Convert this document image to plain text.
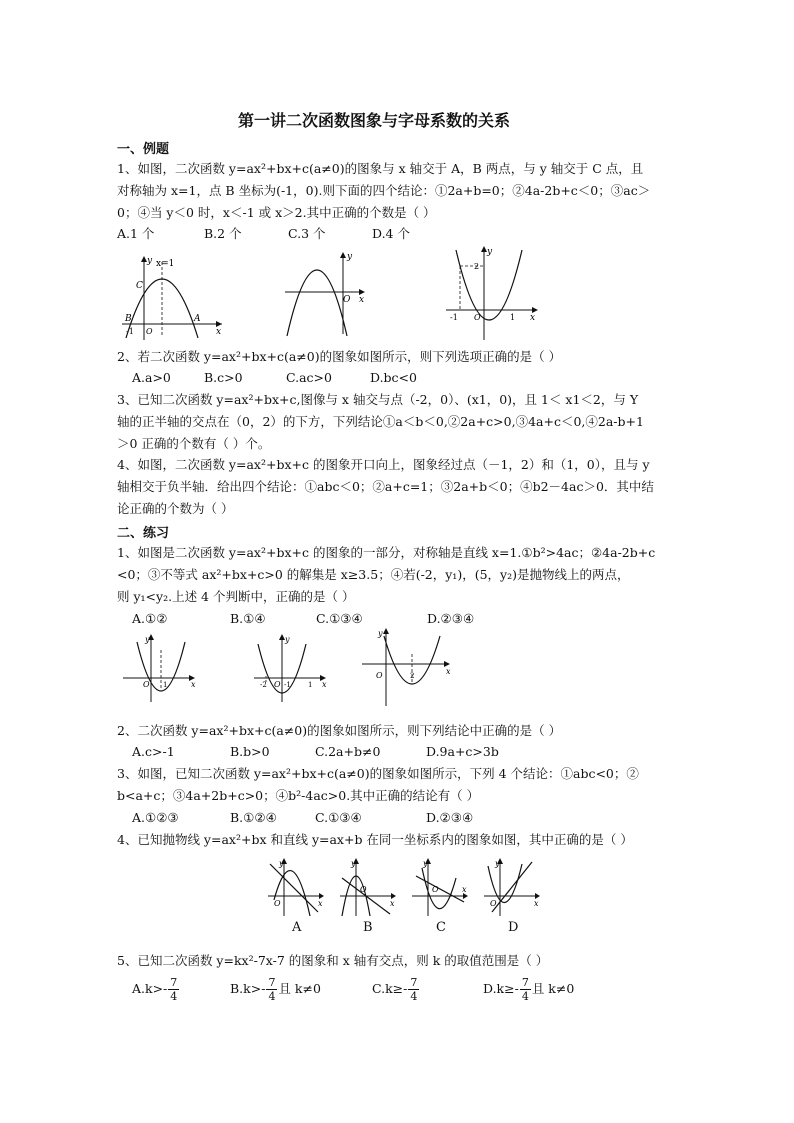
第一讲二次函数图象与字母系数的关系
一、例题
1、如图，二次函数 y=ax²+bx+c(a≠0)的图象与 x 轴交于 A，B 两点，与 y 轴交于 C 点，且
对称轴为 x=1，点 B 坐标为(-1，0).则下面的四个结论：①2a+b=0；②4a-2b+c＜0；③ac＞
0；④当 y＜0 时，x＜-1 或 x＞2.其中正确的个数是（ ）
A.1 个	B.2 个	C.3 个	D.4 个
y x=1
C
B
-1 O
A
x
y
O x
y
2
-1 O	1 x
2、若二次函数 y=ax²+bx+c(a≠0)的图象如图所示，则下列选项正确的是（ ）
A.a>0	B.c>0	C.ac>0	D.bc<0
3、已知二次函数 y=ax²+bx+c,图像与 x 轴交与点（-2，0）、(x1，0)，且 1＜ x1＜2，与 Y
轴的正半轴的交点在（0，2）的下方，下列结论①a＜b＜0,②2a+c>0,③4a+c＜0,④2a-b+1
＞0 正确的个数有（ ）个。
4、如图，二次函数 y=ax²+bx+c 的图象开口向上，图象经过点（－1，2）和（1，0），且与 y
轴相交于负半轴．给出四个结论：①abc＜0；②a+c=1；③2a+b＜0；④b2－4ac＞0．其中结
论正确的个数为（ ）
二、练习
1、如图是二次函数 y=ax²+bx+c 的图象的一部分，对称轴是直线 x=1.①b²>4ac；②4a-2b+c
<0；③不等式 ax²+bx+c>0 的解集是 x≥3.5；④若(-2，y₁)，(5，y₂)是抛物线上的两点，
则 y₁<y₂.上述 4 个判断中，正确的是（ ）
A.①②	B.①④	C.①③④	D.②③④
y
O 1	x
y
-2 O -1 1 x
y
O	2	x
2、二次函数 y=ax²+bx+c(a≠0)的图象如图所示，则下列结论中正确的是（ ）
A.c>-1	B.b>0	C.2a+b≠0	D.9a+c>3b
3、如图，已知二次函数 y=ax²+bx+c(a≠0)的图象如图所示，下列 4 个结论：①abc<0；②
b<a+c；③4a+2b+c>0；④b²-4ac>0.其中正确的结论有（ ）
A.①②③	B.①②④	C.①③④	D.②③④
4、已知抛物线 y=ax²+bx 和直线 y=ax+b 在同一坐标系内的图象如图，其中正确的是（ ）
y
O	x
y
O
x
y
O	x
y
O	x
A	B	C	D
5、已知二次函数 y=kx²-7x-7 的图象和 x 轴有交点，则 k 的取值范围是（ ）
$A.k>- \frac{7}{4}$	$B.k>- \frac{7}{4}$ 且 k≠0	$C.k\ge- \frac{7}{4}$	$D.k\ge- \frac{7}{4}$ 且 k≠0
